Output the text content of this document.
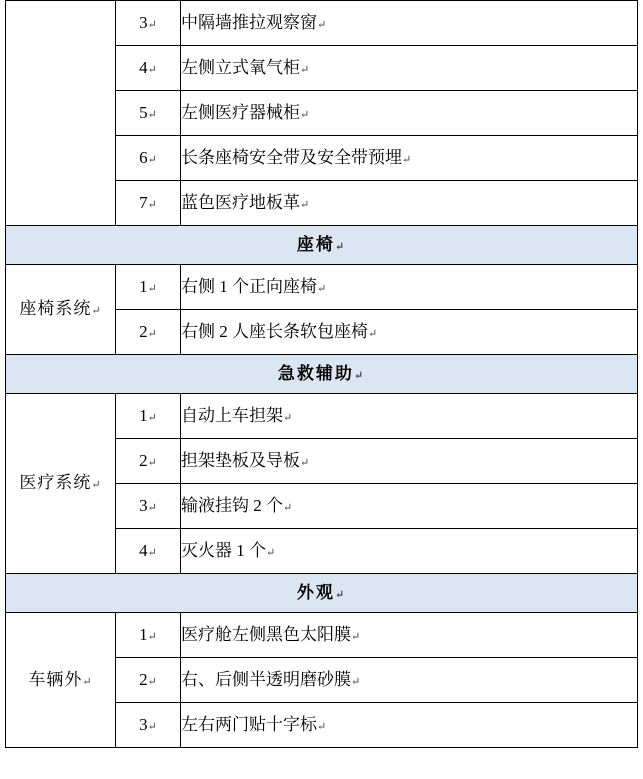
	3↵	中隔墙推拉观察窗↵
	4↵	左侧立式氧气柜↵
	5↵	左侧医疗器械柜↵
	6↵	长条座椅安全带及安全带预埋↵
	7↵	蓝色医疗地板革↵
座椅↵		
座椅系统↵	1↵	右侧 1 个正向座椅↵
	2↵	右侧 2 人座长条软包座椅↵
急救辅助↵		
医疗系统↵	1↵	自动上车担架↵
	2↵	担架垫板及导板↵
	3↵	输液挂钩 2 个↵
	4↵	灭火器 1 个↵
外观↵		
车辆外↵	1↵	医疗舱左侧黑色太阳膜↵
	2↵	右、后侧半透明磨砂膜↵
	3↵	左右两门贴十字标↵
